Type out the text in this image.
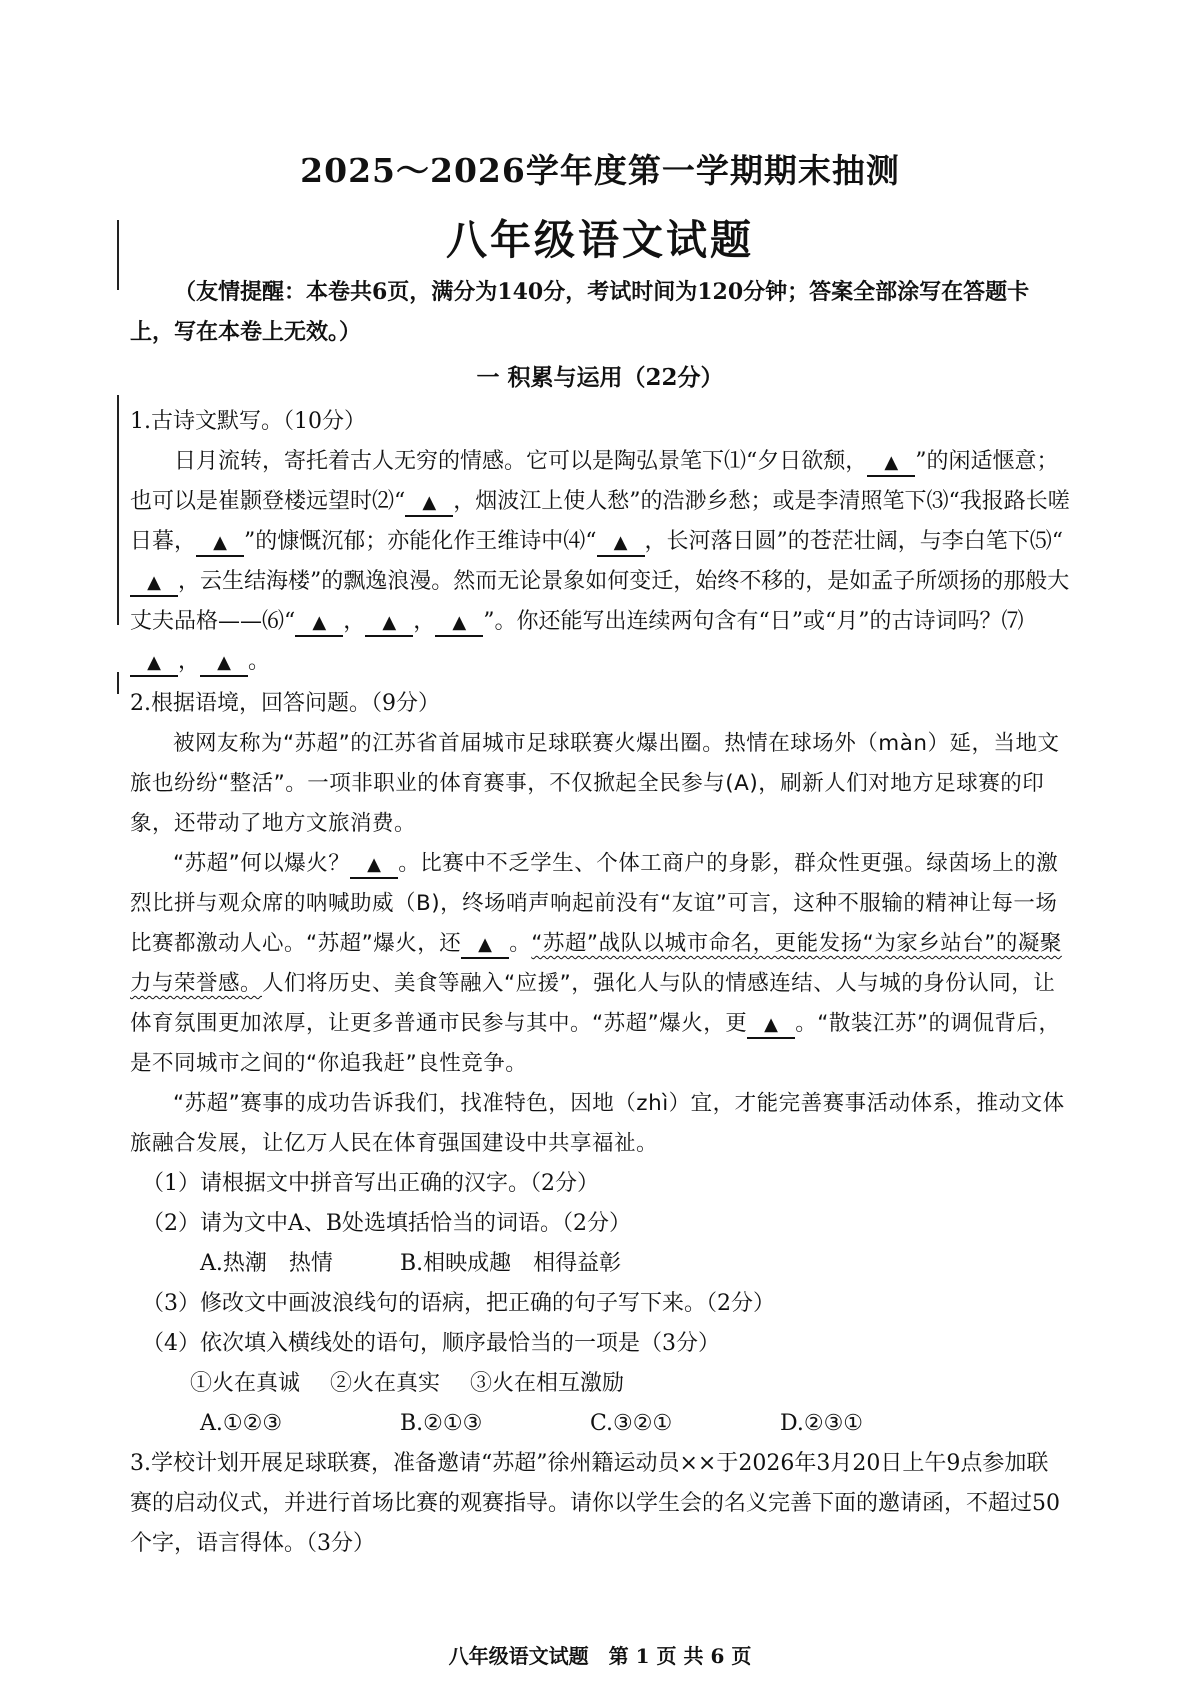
2025～2026学年度第一学期期末抽测
八年级语文试题

（友情提醒：本卷共6页，满分为140分，考试时间为120分钟；答案全部涂写在答题卡上，写在本卷上无效。）

一 积累与运用（22分）

1.古诗文默写。（10分）

日月流转，寄托着古人无穷的情感。它可以是陶弘景笔下⑴“夕日欲颓， ▲ ”的闲适惬意；也可以是崔颢登楼远望时⑵“ ▲ ，烟波江上使人愁”的浩渺乡愁；或是李清照笔下⑶“我报路长嗟日暮， ▲ ”的慷慨沉郁；亦能化作王维诗中⑷“ ▲ ，长河落日圆”的苍茫壮阔，与李白笔下⑸“▲ ，云生结海楼”的飘逸浪漫。然而无论景象如何变迁，始终不移的，是如孟子所颂扬的那般大丈夫品格——⑹“ ▲ ， ▲ ， ▲ ”。你还能写出连续两句含有“日”或“月”的古诗词吗？⑺▲ ， ▲ 。

2.根据语境，回答问题。（9分）

被网友称为“苏超”的江苏省首届城市足球联赛火爆出圈。热情在球场外（màn）延，当地文旅也纷纷“整活”。一项非职业的体育赛事，不仅掀起全民参与(A)，刷新人们对地方足球赛的印象，还带动了地方文旅消费。

“苏超”何以爆火？ ▲ 。比赛中不乏学生、个体工商户的身影，群众性更强。绿茵场上的激烈比拼与观众席的呐喊助威（B)，终场哨声响起前没有“友谊”可言，这种不服输的精神让每一场比赛都激动人心。“苏超”爆火，还 ▲ 。“苏超”战队以城市命名，更能发扬“为家乡站台”的凝聚力与荣誉感。人们将历史、美食等融入“应援”，强化人与队的情感连结、人与城的身份认同，让体育氛围更加浓厚，让更多普通市民参与其中。“苏超”爆火，更 ▲ 。“散装江苏”的调侃背后，是不同城市之间的“你追我赶”良性竞争。

“苏超”赛事的成功告诉我们，找准特色，因地（zhì）宜，才能完善赛事活动体系，推动文体旅融合发展，让亿万人民在体育强国建设中共享福祉。

（1）请根据文中拼音写出正确的汉字。（2分）

（2）请为文中A、B处选填括恰当的词语。（2分）

A.热潮　热情	B.相映成趣　相得益彰

（3）修改文中画波浪线句的语病，把正确的句子写下来。（2分）

（4）依次填入横线处的语句，顺序最恰当的一项是（3分）

①火在真诚 ②火在真实 ③火在相互激励

A.①②③	B.②①③	C.③②①	D.②③①

3.学校计划开展足球联赛，准备邀请“苏超”徐州籍运动员××于2026年3月20日上午9点参加联赛的启动仪式，并进行首场比赛的观赛指导。请你以学生会的名义完善下面的邀请函，不超过50个字，语言得体。（3分）

八年级语文试题　第 1 页 共 6 页
